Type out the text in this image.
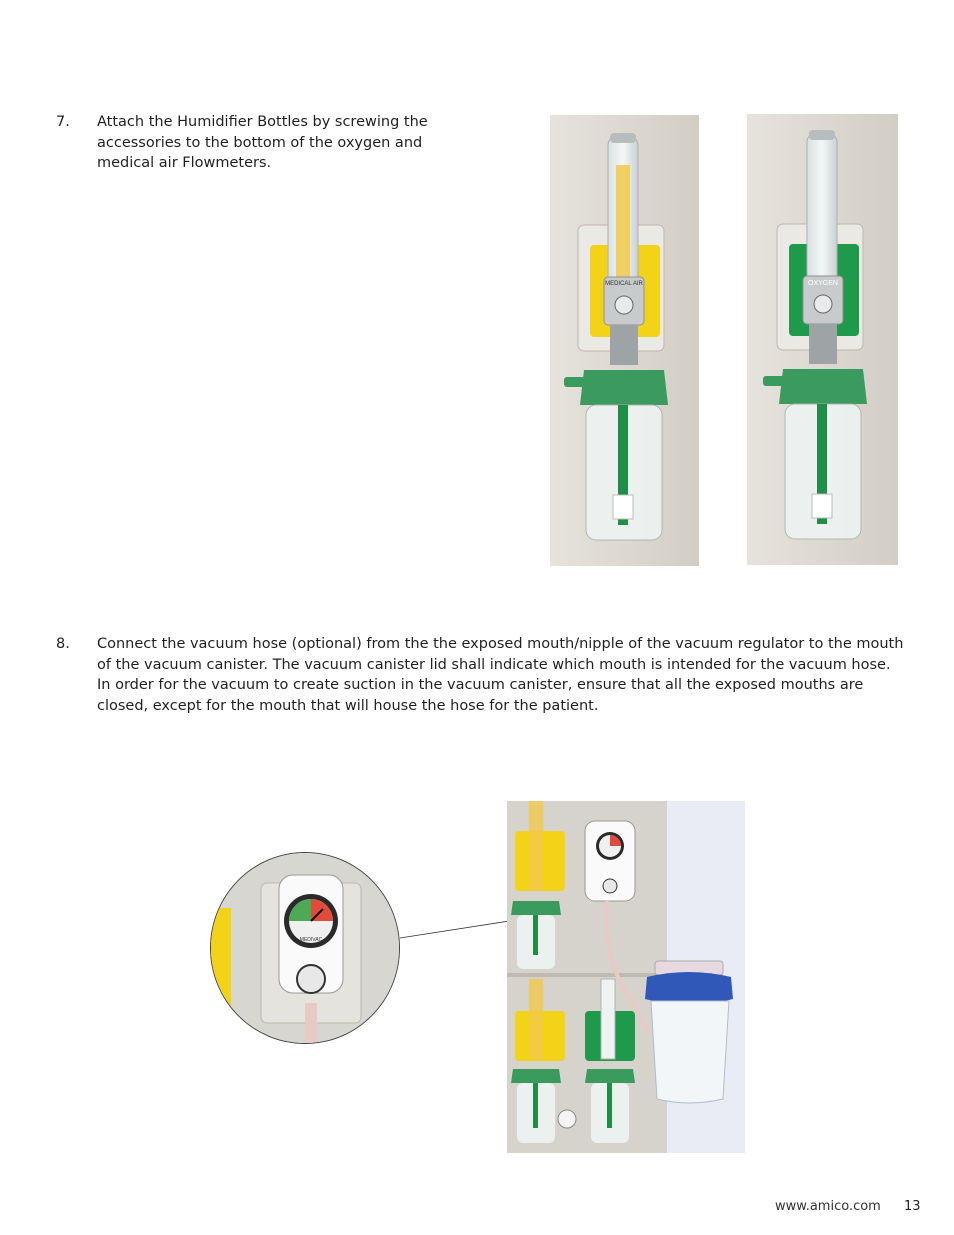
7. Attach the Humidifier Bottles by screwing the accessories to the bottom of the oxygen and medical air Flowmeters.
MEDICAL AIR	OXYGEN
8. Connect the vacuum hose (optional) from the the exposed mouth/nipple of the vacuum regulator to the mouth of the vacuum canister. The vacuum canister lid shall indicate which mouth is intended for the vacuum hose. In order for the vacuum to create suction in the vacuum canister, ensure that all the exposed mouths are closed, except for the mouth that will house the hose for the patient.
MEDIVAC
www.amico.com 13
